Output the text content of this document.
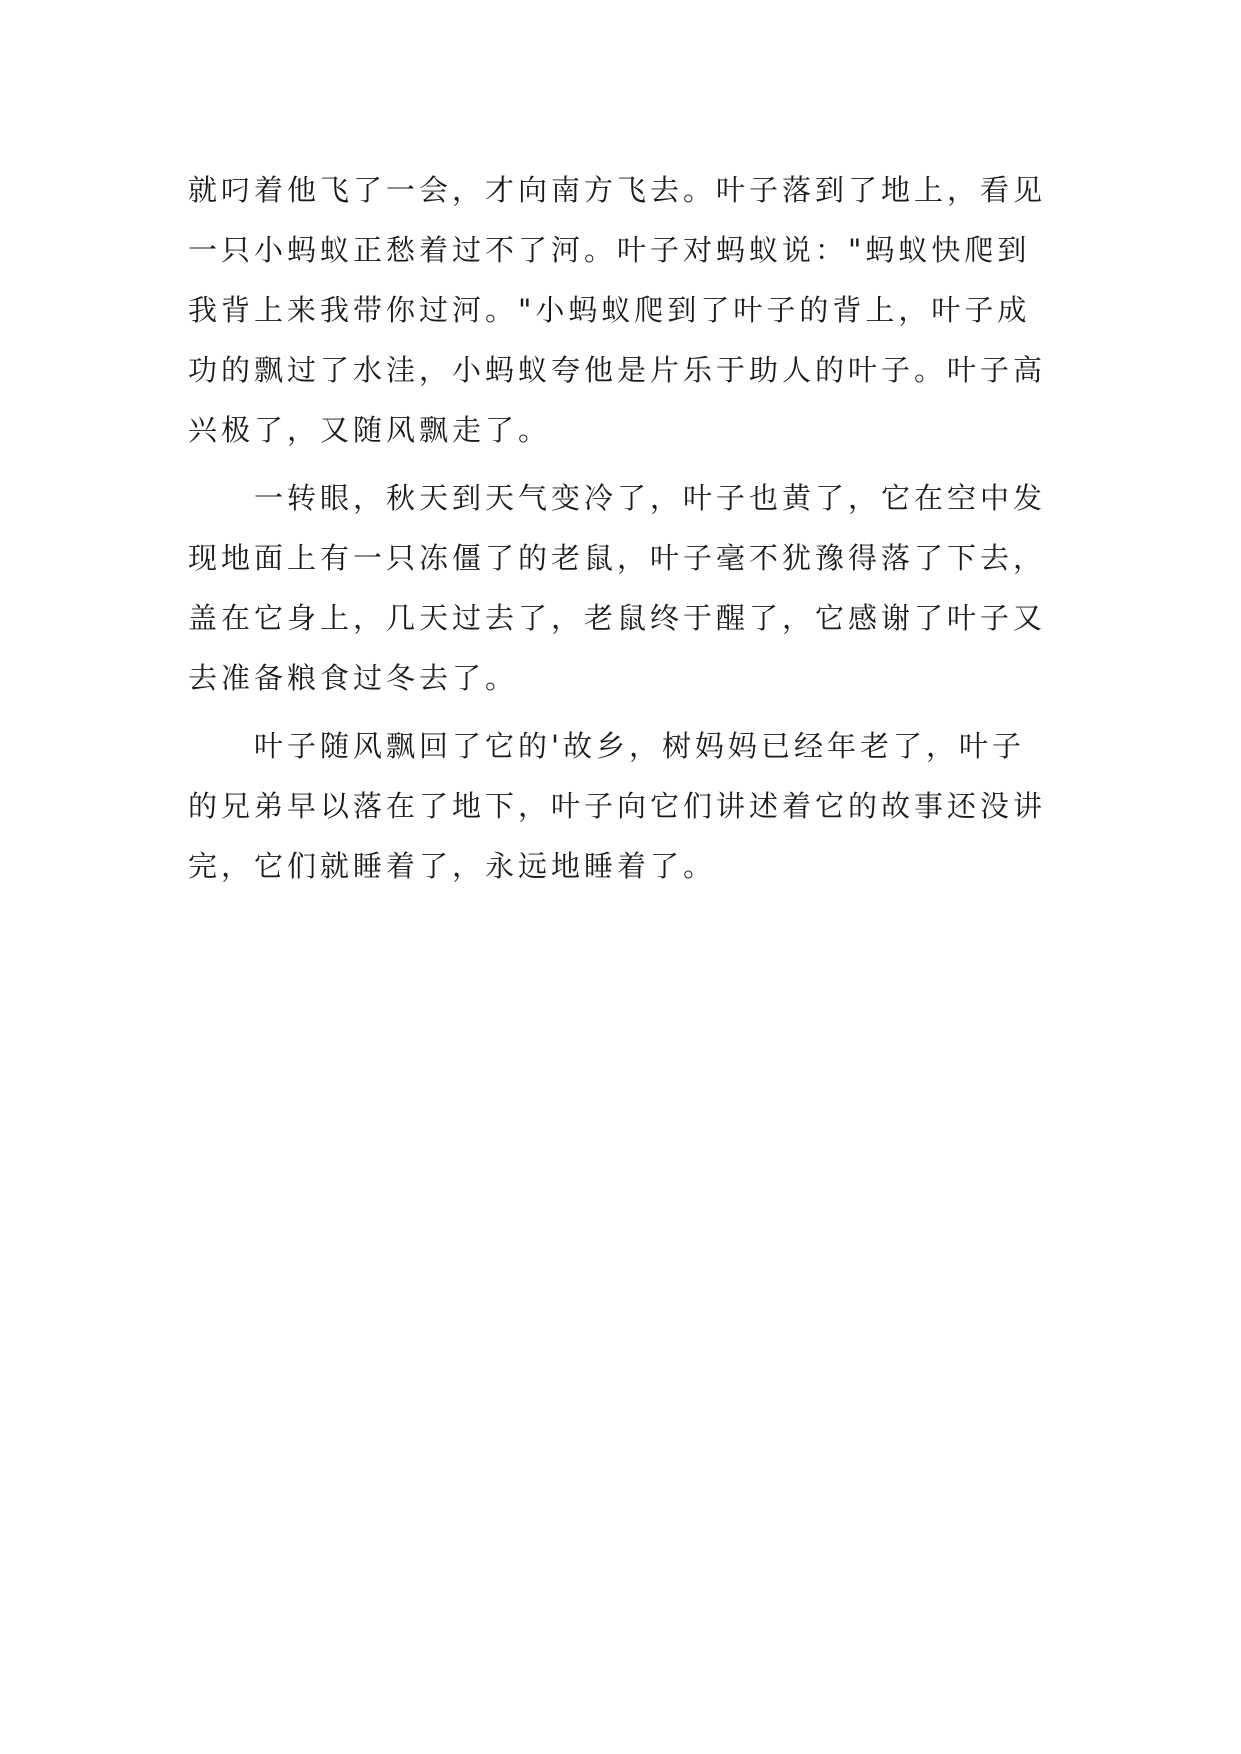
就叼着他飞了一会，才向南方飞去。叶子落到了地上，看见
一只小蚂蚁正愁着过不了河。叶子对蚂蚁说："蚂蚁快爬到
我背上来我带你过河。"小蚂蚁爬到了叶子的背上，叶子成
功的飘过了水洼，小蚂蚁夸他是片乐于助人的叶子。叶子高
兴极了，又随风飘走了。
　　一转眼，秋天到天气变冷了，叶子也黄了，它在空中发
现地面上有一只冻僵了的老鼠，叶子毫不犹豫得落了下去，
盖在它身上，几天过去了，老鼠终于醒了，它感谢了叶子又
去准备粮食过冬去了。
　　叶子随风飘回了它的'故乡，树妈妈已经年老了，叶子
的兄弟早以落在了地下，叶子向它们讲述着它的故事还没讲
完，它们就睡着了，永远地睡着了。
